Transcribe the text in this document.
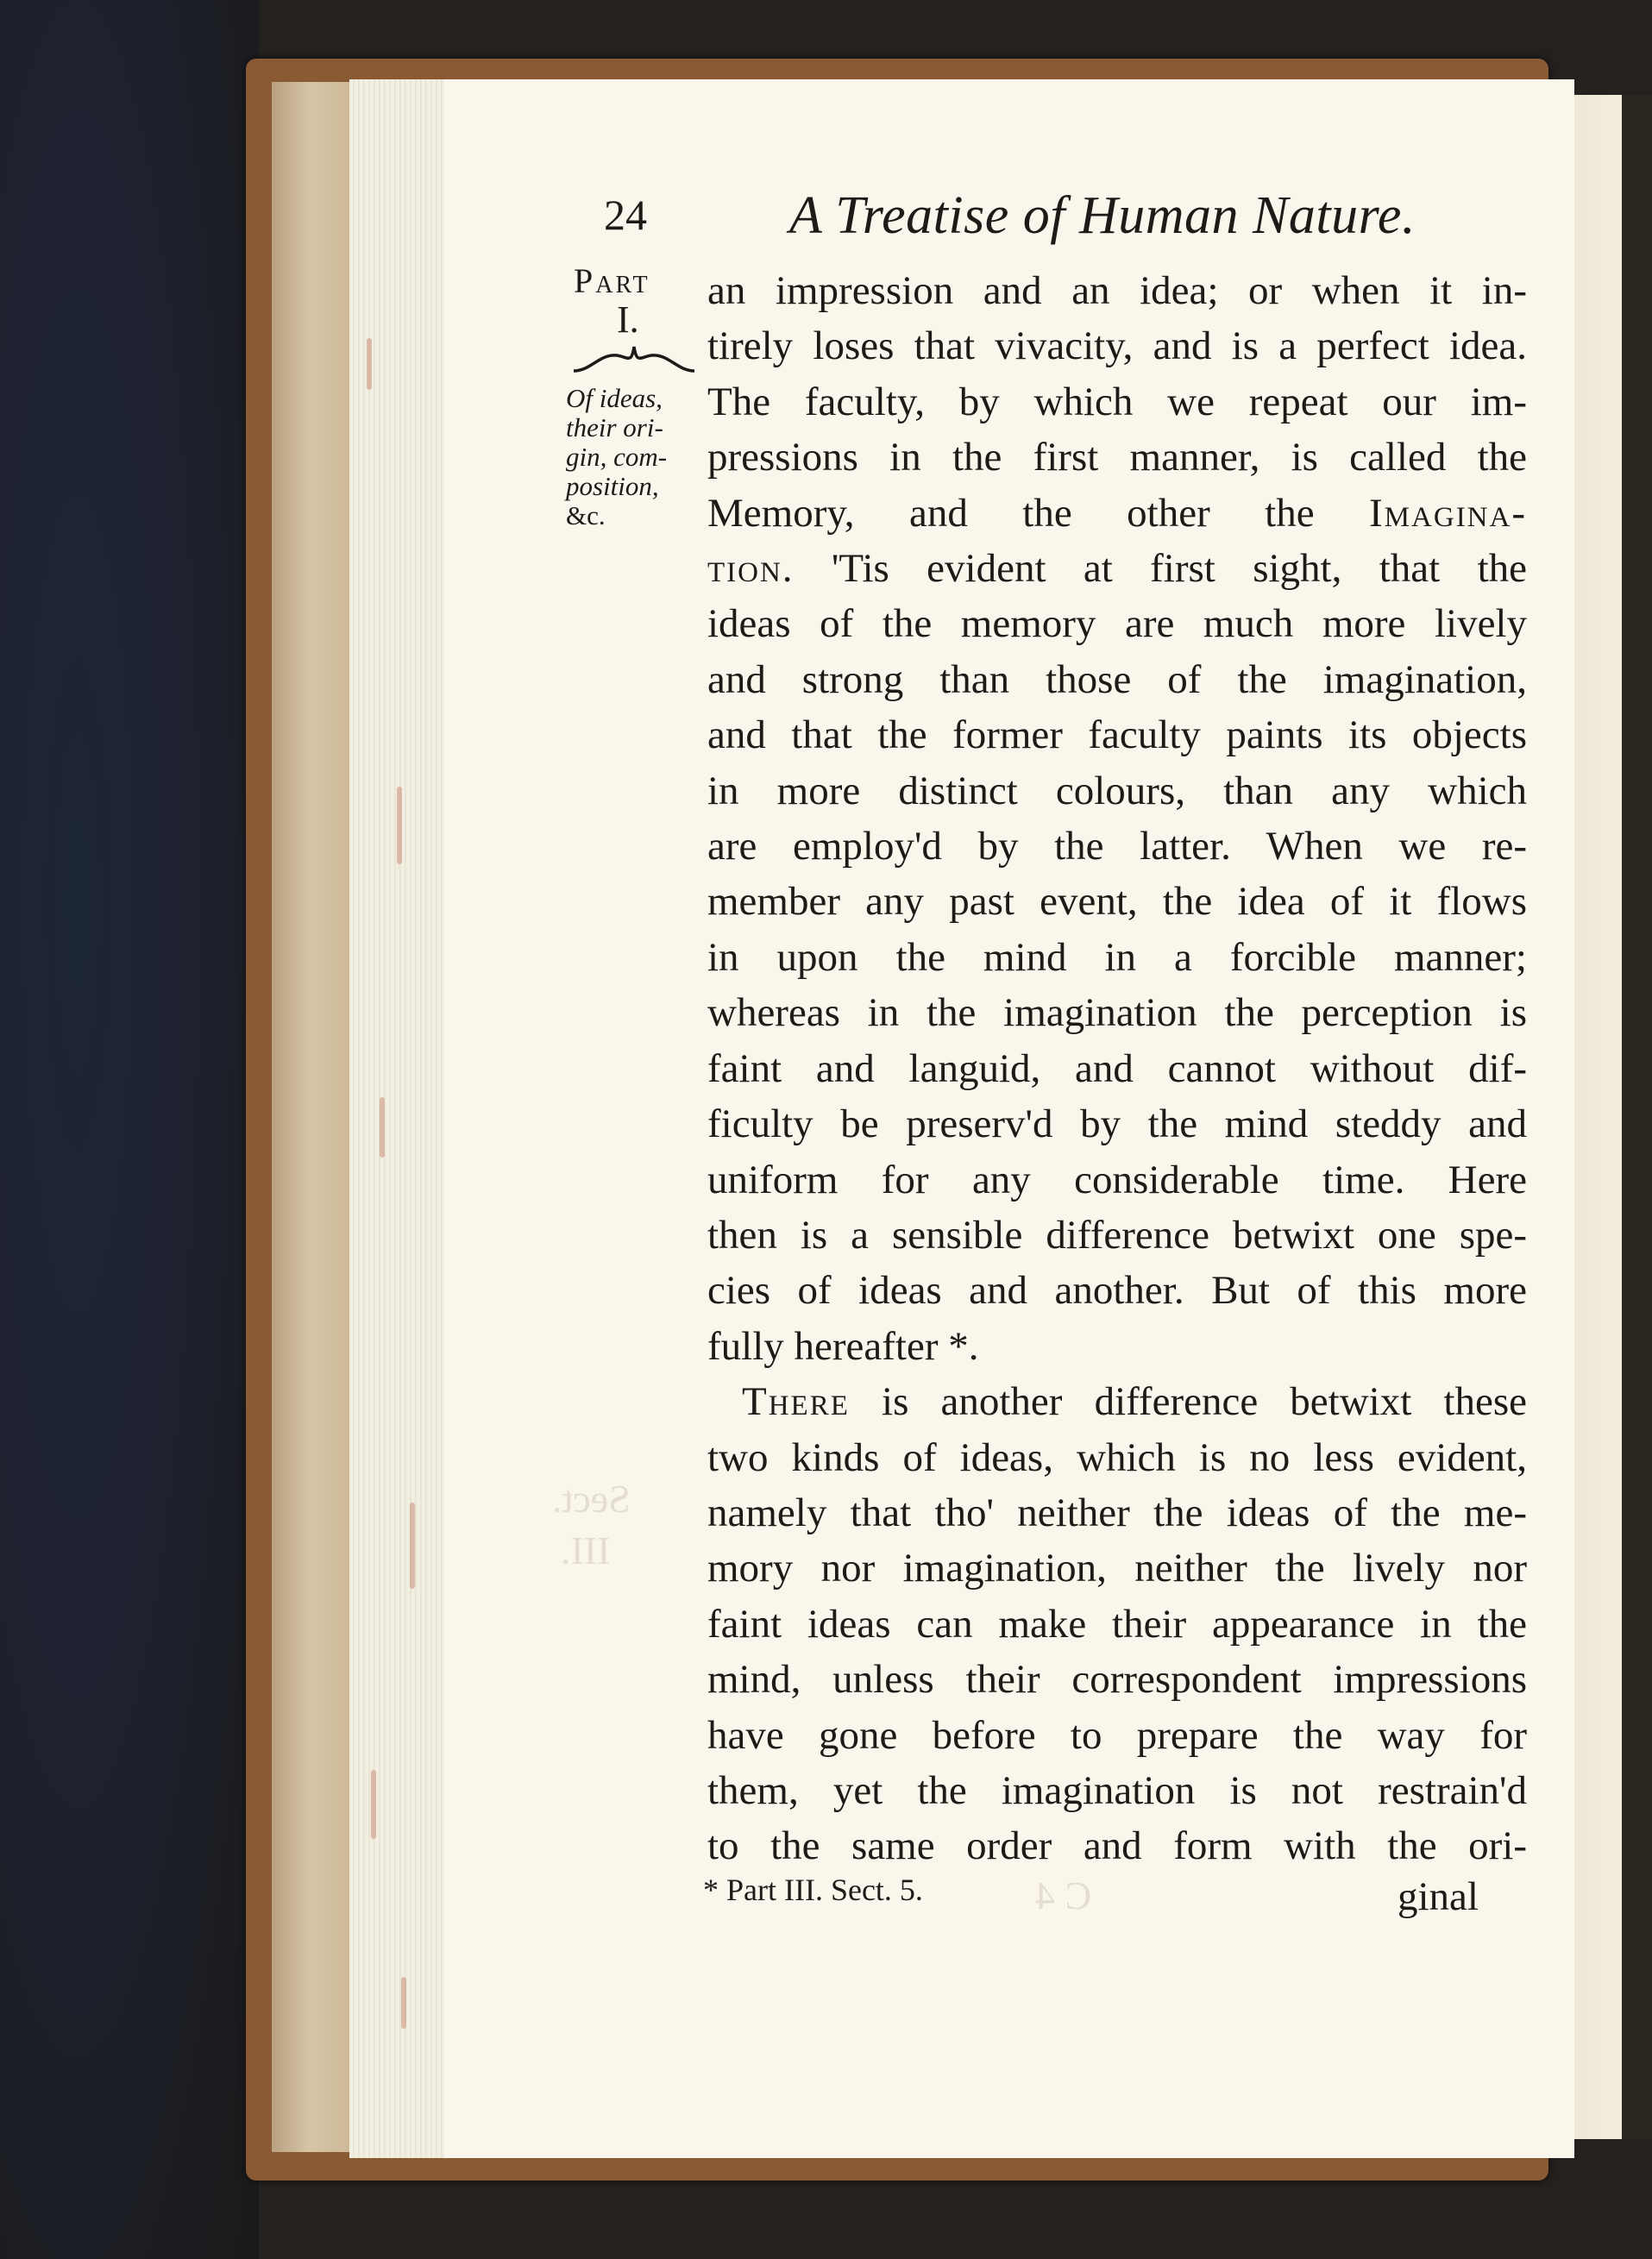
Sect.
III.
C 4
24	A Treatise of Human Nature.
Part
I.
Of ideas,
their ori-
gin, com-
position,
&c.
an impression and an idea; or when it in-
tirely loses that vivacity, and is a perfect idea.
The faculty, by which we repeat our im-
pressions in the first manner, is called the
Memory, and the other the Imagina-
tion. 'Tis evident at first sight, that the
ideas of the memory are much more lively
and strong than those of the imagination,
and that the former faculty paints its objects
in more distinct colours, than any which
are employ'd by the latter. When we re-
member any past event, the idea of it flows
in upon the mind in a forcible manner;
whereas in the imagination the perception is
faint and languid, and cannot without dif-
ficulty be preserv'd by the mind steddy and
uniform for any considerable time. Here
then is a sensible difference betwixt one spe-
cies of ideas and another. But of this more
fully hereafter *.
There is another difference betwixt these
two kinds of ideas, which is no less evident,
namely that tho' neither the ideas of the me-
mory nor imagination, neither the lively nor
faint ideas can make their appearance in the
mind, unless their correspondent impressions
have gone before to prepare the way for
them, yet the imagination is not restrain'd
to the same order and form with the ori-
* Part III. Sect. 5.	ginal
